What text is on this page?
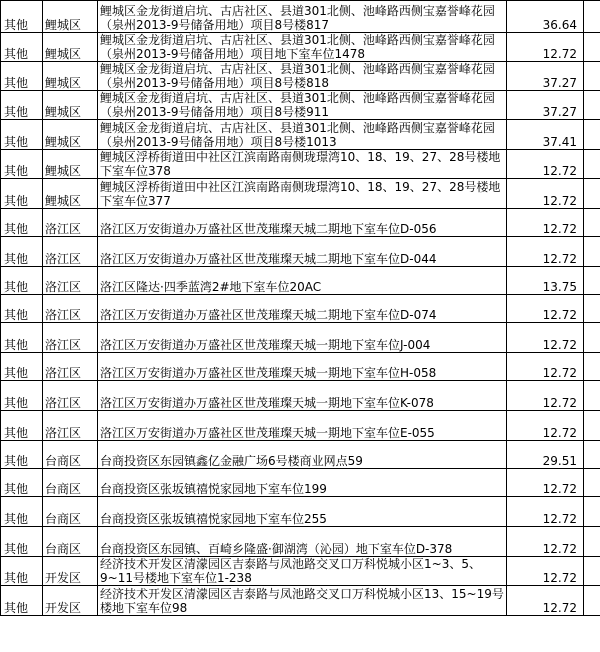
其他	鲤城区	鲤城区金龙街道启坑、古店社区、县道301北侧、池峰路西侧宝嘉誉峰花园（泉州2013-9号储备用地）项目8号楼817	36.64	
其他	鲤城区	鲤城区金龙街道启坑、古店社区、县道301北侧、池峰路西侧宝嘉誉峰花园（泉州2013-9号储备用地）项目地下室车位1478	12.72	
其他	鲤城区	鲤城区金龙街道启坑、古店社区、县道301北侧、池峰路西侧宝嘉誉峰花园（泉州2013-9号储备用地）项目8号楼818	37.27	
其他	鲤城区	鲤城区金龙街道启坑、古店社区、县道301北侧、池峰路西侧宝嘉誉峰花园（泉州2013-9号储备用地）项目8号楼911	37.27	
其他	鲤城区	鲤城区金龙街道启坑、古店社区、县道301北侧、池峰路西侧宝嘉誉峰花园（泉州2013-9号储备用地）项目8号楼1013	37.41	
其他	鲤城区	鲤城区浮桥街道田中社区江滨南路南侧珑璟湾10、18、19、27、28号楼地下室车位378	12.72	
其他	鲤城区	鲤城区浮桥街道田中社区江滨南路南侧珑璟湾10、18、19、27、28号楼地下室车位377	12.72	
其他	洛江区	洛江区万安街道办万盛社区世茂璀璨天城二期地下室车位D-056	12.72	
其他	洛江区	洛江区万安街道办万盛社区世茂璀璨天城二期地下室车位D-044	12.72	
其他	洛江区	洛江区隆达·四季蓝湾2#地下室车位20AC	13.75	
其他	洛江区	洛江区万安街道办万盛社区世茂璀璨天城二期地下室车位D-074	12.72	
其他	洛江区	洛江区万安街道办万盛社区世茂璀璨天城一期地下室车位J-004	12.72	
其他	洛江区	洛江区万安街道办万盛社区世茂璀璨天城一期地下室车位H-058	12.72	
其他	洛江区	洛江区万安街道办万盛社区世茂璀璨天城一期地下室车位K-078	12.72	
其他	洛江区	洛江区万安街道办万盛社区世茂璀璨天城一期地下室车位E-055	12.72	
其他	台商区	台商投资区东园镇鑫亿金融广场6号楼商业网点59	29.51	
其他	台商区	台商投资区张坂镇禧悦家园地下室车位199	12.72	
其他	台商区	台商投资区张坂镇禧悦家园地下室车位255	12.72	
其他	台商区	台商投资区东园镇、百崎乡隆盛·御湖湾（沁园）地下室车位D-378	12.72	
其他	开发区	经济技术开发区清濛园区吉泰路与凤池路交叉口万科悦城小区1~3、5、9~11号楼地下室车位1-238	12.72	
其他	开发区	经济技术开发区清濛园区吉泰路与凤池路交叉口万科悦城小区13、15~19号楼地下室车位98	12.72	
